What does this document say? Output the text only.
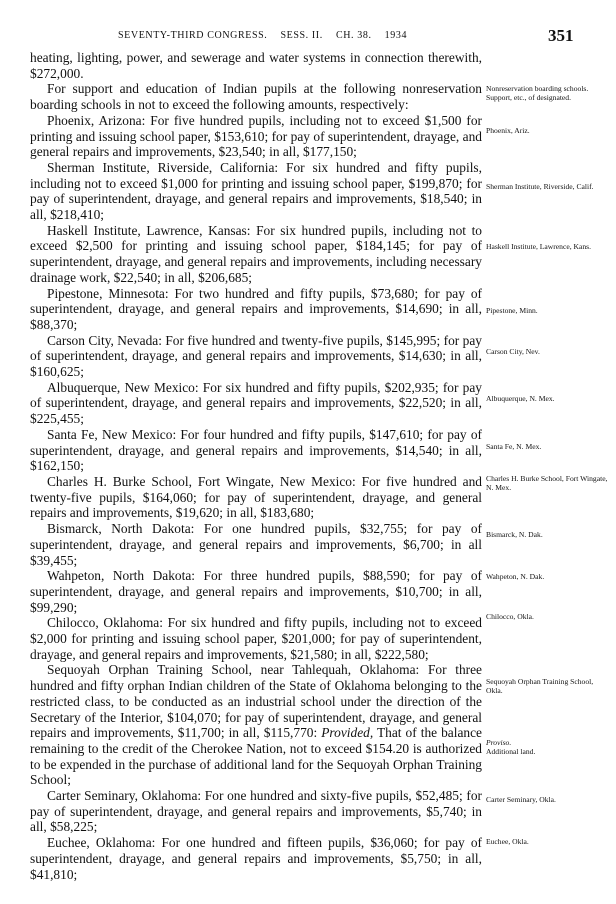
SEVENTY-THIRD CONGRESS. SESS. II. CH. 38. 1934	351

heating, lighting, power, and sewerage and water systems in connection therewith, $272,000.

For support and education of Indian pupils at the following nonreservation boarding schools in not to exceed the following amounts, respectively:

Phoenix, Arizona: For five hundred pupils, including not to exceed $1,500 for printing and issuing school paper, $153,610; for pay of superintendent, drayage, and general repairs and improvements, $23,540; in all, $177,150;

Sherman Institute, Riverside, California: For six hundred and fifty pupils, including not to exceed $1,000 for printing and issuing school paper, $199,870; for pay of superintendent, drayage, and general repairs and improvements, $18,540; in all, $218,410;

Haskell Institute, Lawrence, Kansas: For six hundred pupils, including not to exceed $2,500 for printing and issuing school paper, $184,145; for pay of superintendent, drayage, and general repairs and improvements, including necessary drainage work, $22,540; in all, $206,685;

Pipestone, Minnesota: For two hundred and fifty pupils, $73,680; for pay of superintendent, drayage, and general repairs and improvements, $14,690; in all, $88,370;

Carson City, Nevada: For five hundred and twenty-five pupils, $145,995; for pay of superintendent, drayage, and general repairs and improvements, $14,630; in all, $160,625;

Albuquerque, New Mexico: For six hundred and fifty pupils, $202,935; for pay of superintendent, drayage, and general repairs and improvements, $22,520; in all, $225,455;

Santa Fe, New Mexico: For four hundred and fifty pupils, $147,610; for pay of superintendent, drayage, and general repairs and improvements, $14,540; in all, $162,150;

Charles H. Burke School, Fort Wingate, New Mexico: For five hundred and twenty-five pupils, $164,060; for pay of superintendent, drayage, and general repairs and improvements, $19,620; in all, $183,680;

Bismarck, North Dakota: For one hundred pupils, $32,755; for pay of superintendent, drayage, and general repairs and improvements, $6,700; in all $39,455;

Wahpeton, North Dakota: For three hundred pupils, $88,590; for pay of superintendent, drayage, and general repairs and improvements, $10,700; in all, $99,290;

Chilocco, Oklahoma: For six hundred and fifty pupils, including not to exceed $2,000 for printing and issuing school paper, $201,000; for pay of superintendent, drayage, and general repairs and improvements, $21,580; in all, $222,580;

Sequoyah Orphan Training School, near Tahlequah, Oklahoma: For three hundred and fifty orphan Indian children of the State of Oklahoma belonging to the restricted class, to be conducted as an industrial school under the direction of the Secretary of the Interior, $104,070; for pay of superintendent, drayage, and general repairs and improvements, $11,700; in all, $115,770: Provided, That of the balance remaining to the credit of the Cherokee Nation, not to exceed $154.20 is authorized to be expended in the purchase of additional land for the Sequoyah Orphan Training School;

Carter Seminary, Oklahoma: For one hundred and sixty-five pupils, $52,485; for pay of superintendent, drayage, and general repairs and improvements, $5,740; in all, $58,225;

Euchee, Oklahoma: For one hundred and fifteen pupils, $36,060; for pay of superintendent, drayage, and general repairs and improvements, $5,750; in all, $41,810;

Nonreservation boarding schools. Support, etc., of designated.
Phoenix, Ariz.
Sherman Institute, Riverside, Calif.
Haskell Institute, Lawrence, Kans.
Pipestone, Minn.
Carson City, Nev.
Albuquerque, N. Mex.
Santa Fe, N. Mex.
Charles H. Burke School, Fort Wingate, N. Mex.
Bismarck, N. Dak.
Wahpeton, N. Dak.
Chilocco, Okla.
Sequoyah Orphan Training School, Okla.
Proviso.
Additional land.
Carter Seminary, Okla.
Euchee, Okla.
